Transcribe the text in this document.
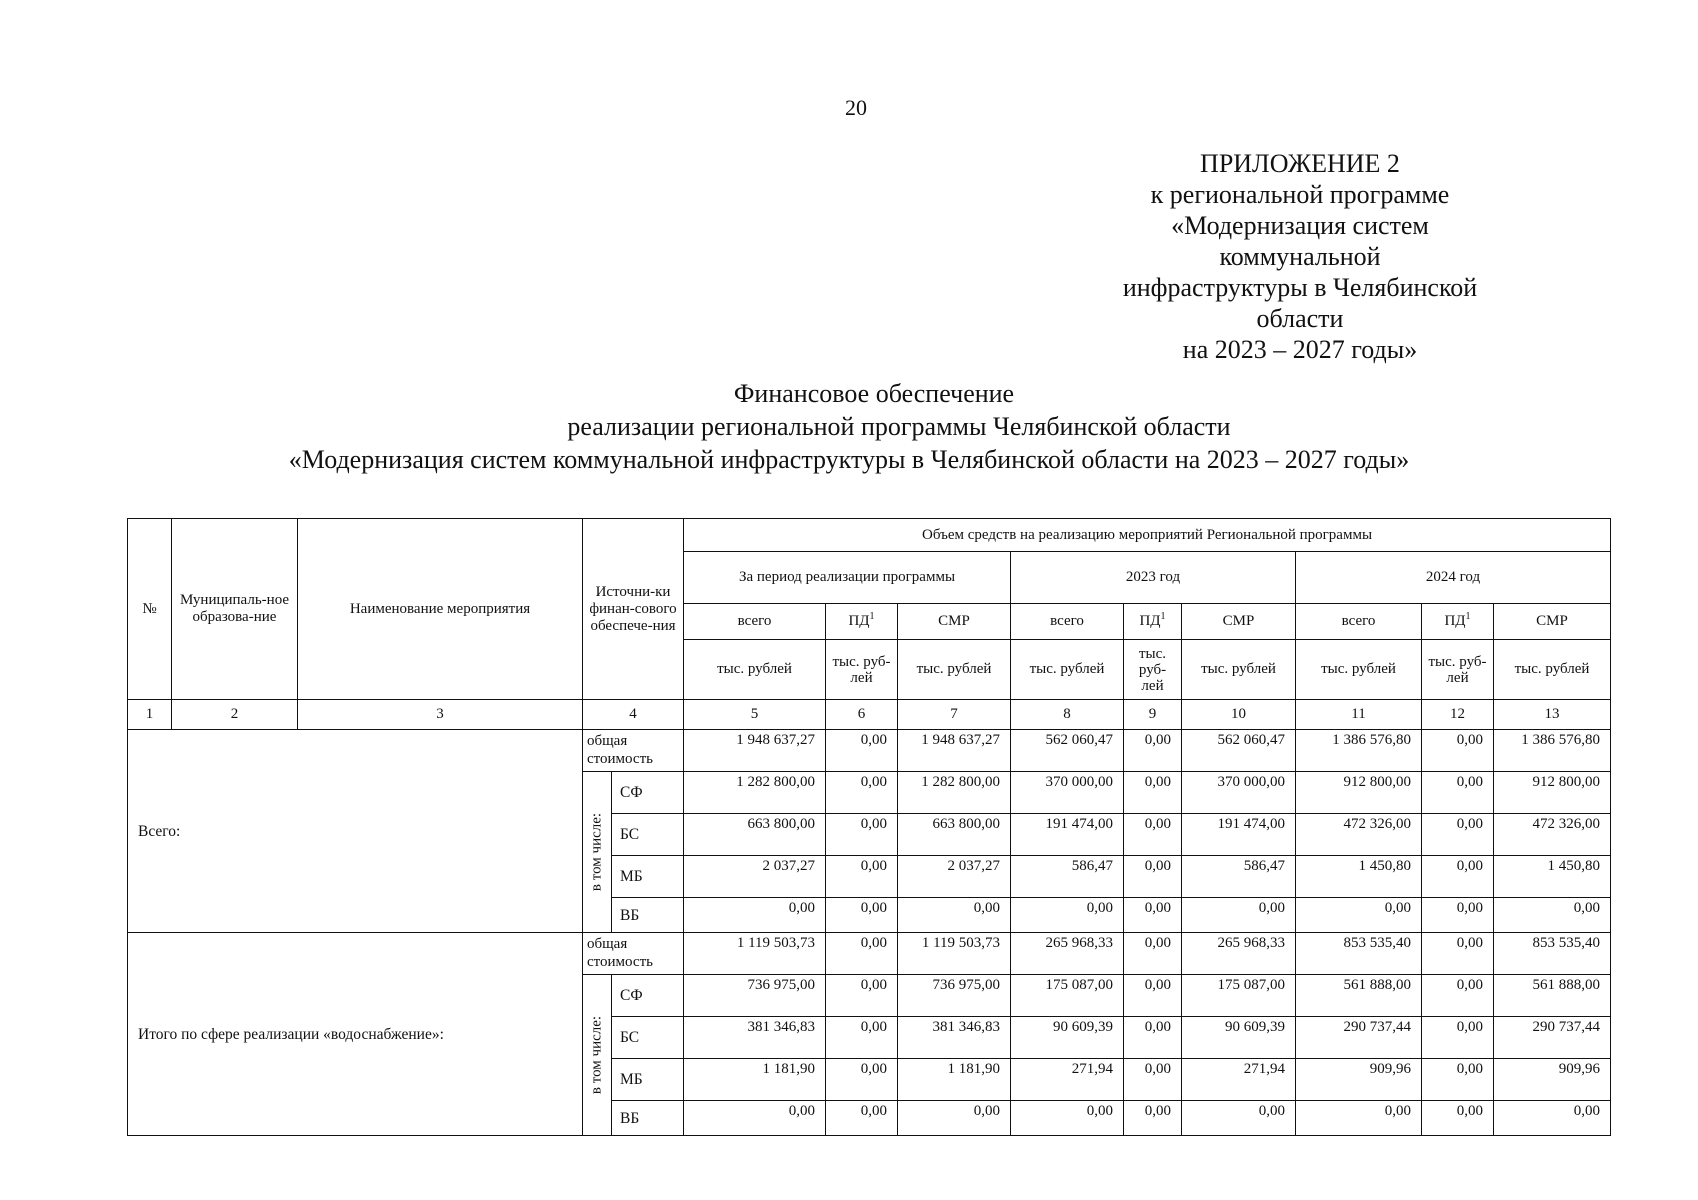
20
ПРИЛОЖЕНИЕ 2
к региональной программе
«Модернизация систем коммунальной
инфраструктуры в Челябинской области
на 2023 – 2027 годы»
Финансовое обеспечение
реализации региональной программы Челябинской области
«Модернизация систем коммунальной инфраструктуры в Челябинской области на 2023 – 2027 годы»
№	Муниципаль-ное образова-ние	Наименование мероприятия	Источни-ки финан-сового обеспече-ния		Объем средств на реализацию мероприятий Региональной программы								
					За период реализации программы			2023 год			2024 год		
					всего	$ПД^1$	СМР	всего	$ПД^1$	СМР	всего	$ПД^1$	СМР
					тыс. рублей	тыс. руб-лей	тыс. рублей	тыс. рублей	тыс. руб-лей	тыс. рублей	тыс. рублей	тыс. руб-лей	тыс. рублей
1	2	3	4		5	6	7	8	9	10	11	12	13
Всего:			общая стоимость		1 948 637,27	0,00	1 948 637,27	562 060,47	0,00	562 060,47	1 386 576,80	0,00	1 386 576,80

			в том числе:	СФ	1 282 800,00	0,00	1 282 800,00	370 000,00	0,00	370 000,00	912 800,00	0,00	912 800,00
				БС	663 800,00	0,00	663 800,00	191 474,00	0,00	191 474,00	472 326,00	0,00	472 326,00
				МБ	2 037,27	0,00	2 037,27	586,47	0,00	586,47	1 450,80	0,00	1 450,80
				ВБ	0,00	0,00	0,00	0,00	0,00	0,00	0,00	0,00	0,00
Итого по сфере реализации «водоснабжение»:			общая стоимость		1 119 503,73	0,00	1 119 503,73	265 968,33	0,00	265 968,33	853 535,40	0,00	853 535,40

			в том числе:	СФ	736 975,00	0,00	736 975,00	175 087,00	0,00	175 087,00	561 888,00	0,00	561 888,00
				БС	381 346,83	0,00	381 346,83	90 609,39	0,00	90 609,39	290 737,44	0,00	290 737,44
				МБ	1 181,90	0,00	1 181,90	271,94	0,00	271,94	909,96	0,00	909,96
				ВБ	0,00	0,00	0,00	0,00	0,00	0,00	0,00	0,00	0,00
